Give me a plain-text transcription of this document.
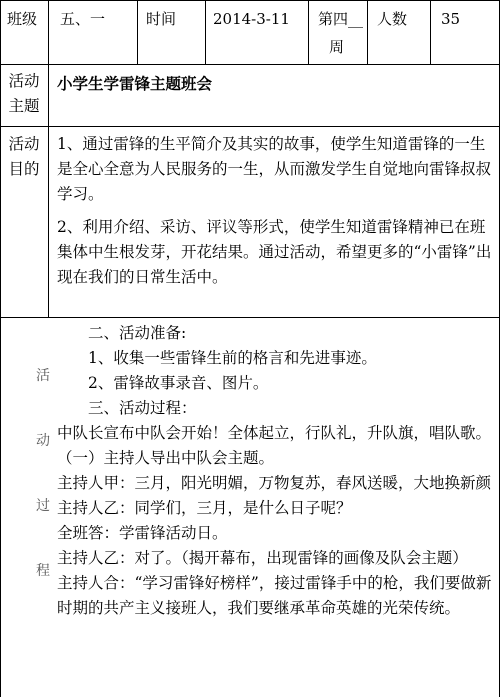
班级 五、一	时间 2014-3-11 第四__
周
人数 35
活动
主题
小学生学雷锋主题班会
活动
目的

1、通过雷锋的生平简介及其实的故事，使学生知道雷锋的一生是全心全意为人民服务的一生，从而激发学生自觉地向雷锋叔叔学习。

2、利用介绍、采访、评议等形式，使学生知道雷锋精神已在班集体中生根发芽，开花结果。通过活动，希望更多的“小雷锋”出现在我们的日常生活中。

活
动
过
程

二、活动准备:

1、收集一些雷锋生前的格言和先进事迹。

2、雷锋故事录音、图片。

三、活动过程：

中队长宣布中队会开始！全体起立，行队礼，升队旗，唱队歌。

（一）主持人导出中队会主题。

主持人甲：三月，阳光明媚，万物复苏，春风送暖，大地换新颜

主持人乙：同学们，三月，是什么日子呢？

全班答：学雷锋活动日。

主持人乙：对了。（揭开幕布，出现雷锋的画像及队会主题）

主持人合：“学习雷锋好榜样”，接过雷锋手中的枪，我们要做新时期的共产主义接班人，我们要继承革命英雄的光荣传统。
